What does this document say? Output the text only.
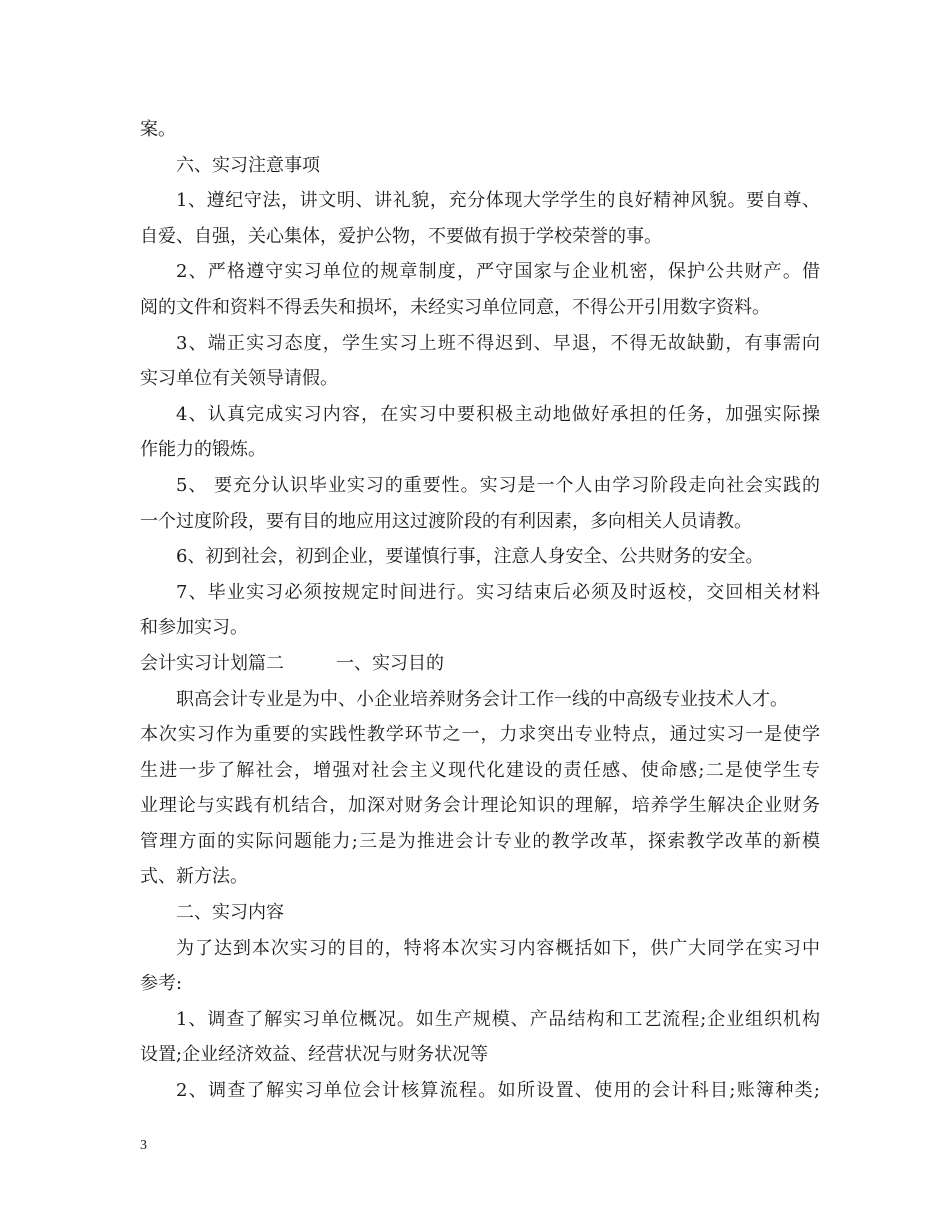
案。
六、实习注意事项
1、遵纪守法，讲文明、讲礼貌，充分体现大学学生的良好精神风貌。要自尊、
自爱、自强，关心集体，爱护公物，不要做有损于学校荣誉的事。
2、严格遵守实习单位的规章制度，严守国家与企业机密，保护公共财产。借
阅的文件和资料不得丢失和损坏，未经实习单位同意，不得公开引用数字资料。
3、端正实习态度，学生实习上班不得迟到、早退，不得无故缺勤，有事需向
实习单位有关领导请假。
4、认真完成实习内容，在实习中要积极主动地做好承担的任务，加强实际操
作能力的锻炼。
5、 要充分认识毕业实习的重要性。实习是一个人由学习阶段走向社会实践的
一个过度阶段，要有目的地应用这过渡阶段的有利因素，多向相关人员请教。
6、初到社会，初到企业，要谨慎行事，注意人身安全、公共财务的安全。
7、毕业实习必须按规定时间进行。实习结束后必须及时返校，交回相关材料
和参加实习。
会计实习计划篇二	一、实习目的
职高会计专业是为中、小企业培养财务会计工作一线的中高级专业技术人才。
本次实习作为重要的实践性教学环节之一，力求突出专业特点，通过实习一是使学
生进一步了解社会，增强对社会主义现代化建设的责任感、使命感;二是使学生专
业理论与实践有机结合，加深对财务会计理论知识的理解，培养学生解决企业财务
管理方面的实际问题能力;三是为推进会计专业的教学改革，探索教学改革的新模
式、新方法。
二、实习内容
为了达到本次实习的目的，特将本次实习内容概括如下，供广大同学在实习中
参考:
1、调查了解实习单位概况。如生产规模、产品结构和工艺流程;企业组织机构
设置;企业经济效益、经营状况与财务状况等
2、调查了解实习单位会计核算流程。如所设置、使用的会计科目;账簿种类;
3
